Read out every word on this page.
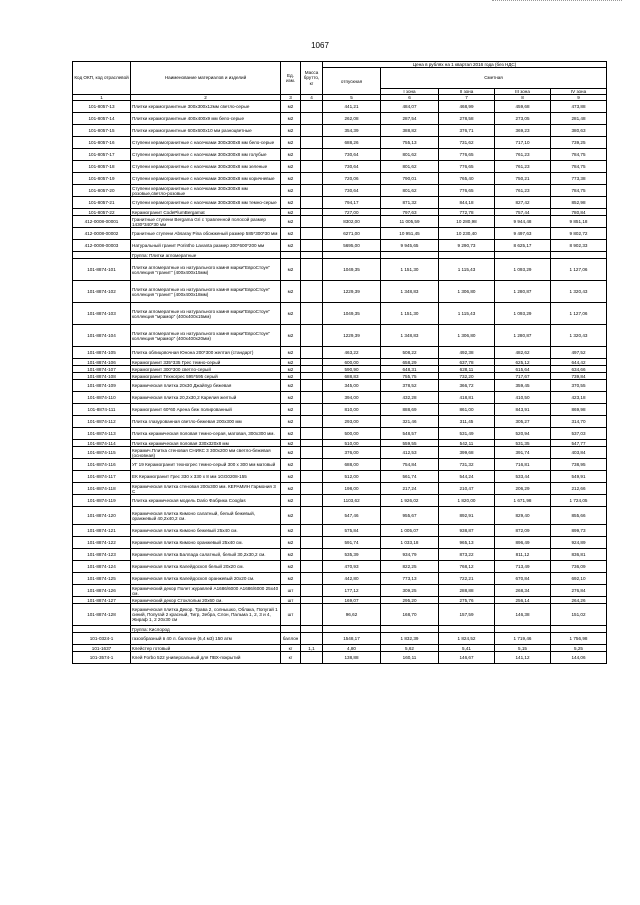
1067
Код ОКП, код отраслевой	Наименование материалов и изделий	Ед. изм.	Масса брутто, кг	Цена в рублях на 1 квартал 2016 года (без НДС)				
				отпускная	Сметная			
					I зона	II зона	III зона	IV зона
1	2	3	4	5	6	7	8	9
101-8057-13	Плитки керамогранитные 300х300х12мм светло-серые	м2		441,21	484,07	468,99	459,68	473,88
101-8057-14	Плитки керамогранитные 400х400х9 мм бело-серые	м2		262,08	287,54	278,58	273,05	281,48
101-8057-15	Плитки керамогранитные 600х600х10 мм разноцветные	м2		354,39	388,82	376,71	369,23	380,63
101-8057-16	Ступени керамогранитные с насечками 300х300х8 мм бело-серые	м2		688,26	755,13	731,62	717,10	739,25
101-8057-17	Ступени керамогранитные с насечками 300х300х8 мм голубые	м2		730,64	801,62	776,65	761,23	784,75
101-8057-18	Ступени керамогранитные с насечками 300х300х8 мм зеленые	м2		730,64	801,62	776,65	761,23	784,75
101-8057-19	Ступени керамогранитные с насечками 300х300х8 мм коричневые	м2		720,06	790,01	765,40	750,21	773,38
101-8057-20	Ступени керамогранитные с насечками 300х300х8 мм розовые,светло-розовые	м2		730,64	801,62	776,65	761,23	784,75
101-8057-21	Ступени керамогранитные с насечками 300х300х8 мм темно-серые	м2		794,17	871,32	844,18	827,42	852,98
101-8057-22	Керамогранит CodePlumBergamat	м2		727,00	797,63	772,78	757,44	780,84
412-0008-00001	Гранитные ступени Bergama Gri с травленной полосой размер 1430*340*30 мм	м2		8302,00	11 005,59	10 280,98	9 944,48	9 851,18
412-0008-00002	Гранитные ступени Absaray Pina обожженый размер 585*300*30 мм	м2		6271,00	10 951,45	10 230,40	9 497,63	9 802,72
412-0008-00003	Натуральный гранит Porintho Lavanta размер 300*600*200 мм	м2		5695,00	9 945,65	9 290,73	8 625,17	8 902,33
	Группа: Плитки агломератные							
101-8874-101	Плитки агломератные из натурального камня марки"ЕвроСтоун" коллекция "гранит" (400х400х15мм)	м2		1049,35	1 151,30	1 115,43	1 093,29	1 127,06
101-8874-102	Плитки агломератные из натурального камня марки"ЕвроСтоун" коллекция "гранит" (400х400х18мм)	м2		1229,39	1 348,83	1 306,80	1 280,87	1 320,43
101-8874-103	Плитки агломератные из натурального камня марки"ЕвроСтоун" коллекция "мрамор" (400х400х15мм)	м2		1049,35	1 151,30	1 115,43	1 093,29	1 127,06
101-8874-104	Плитки агломератные из натурального камня марки"ЕвроСтоун" коллекция "мрамор" (400х400х20мм)	м2		1229,39	1 348,83	1 306,80	1 280,87	1 320,43
101-8874-105	Плитка облицовочная Юнона 200*300 желтая (стандарт)	м2		463,22	508,22	492,38	482,62	497,52
101-8874-106	Керамогранит 335*335 Грес темно-серый	м2		600,00	658,29	637,78	625,12	644,42
101-8874-107	Керамогранит 300*300 светло-серый	м2		590,90	648,31	628,11	615,64	634,66
101-8874-108	Керамогранит Техногрес 595*595 серый	м2		688,83	755,75	732,20	717,67	739,84
101-8874-109	Керамическая плитка 20х30 Джайпур бежевая	м2		345,00	378,52	366,72	359,45	370,55
101-8874-110	Керамическая плитка 20,2х30,2 Карелия желтый	м2		394,00	432,28	418,81	410,50	423,18
101-8874-111	Керамогранит 60*60 Арена беж полированный	м2		810,00	888,69	861,00	843,91	869,98
101-8874-112	Плитка глазурованная светло-бежевая 200х300 мм	м2		293,00	321,46	311,45	305,27	314,70
101-8874-113	Плитка керамическая половая темно-серая, матовая, 300х300 мм.	м2		500,00	548,57	531,49	520,94	537,03
101-8874-114	Плитка керамическая половая 330х320х8 мм	м2		510,00	559,55	542,11	531,35	547,77
101-8874-115	Керамич.Плитка стеновая СНИКС 3 300х200 мм светло-бежевая (основная)	м2		376,00	412,53	399,68	391,74	403,84
101-8874-116	УГ 19 Керамогранит техногрес темно-серый 300 х 300 мм матовый	м2		688,00	754,84	731,32	716,81	738,95
101-8874-117	ЕК Керамогранит Грес 330 х 330 х 8 мм 1GG0208-155	м2		512,00	561,74	544,24	533,44	549,91
101-8874-118	Керамическая плитка стеновая 200х300 мм. КЕРАМИН Гармония 3 С	м2		198,00	217,24	210,47	206,29	212,66
101-8874-119	Плитка керамическая модель Dario Фабрика Cooglas	м2		1103,62	1 926,02	1 820,00	1 671,98	1 724,05
101-8874-120	Керамическая плитка Кимоно салатный, белый бежевый, оранжевый 40,2х40,2 см.	м2		547,46	955,67	892,91	829,40	855,66
101-8874-121	Керамическая плитка Кимоно бежевый 25х40 см.	м2		575,84	1 005,07	938,87	872,09	899,73
101-8874-122	Керамическая плитка Кимоно оранжевый 25х40 см.	м2		591,74	1 033,18	965,13	896,49	924,89
101-8874-123	Керамическая плитка Баллада салатный, белый 30,2х30,2 см.	м2		535,39	934,79	873,22	811,12	836,81
101-8874-124	Керамическая плитка Калейдоскоп белый 20х20 см.	м2		470,93	822,25	768,12	713,49	736,09
101-8874-125	Керамическая плитка Калейдоскоп оранжевый 20х20 см.	м2		442,80	773,13	722,21	670,84	692,10
101-8874-126	Керамический декор Полет журавлей А1686/6000 А1686/6000 25х40 см.	шт		177,12	309,25	288,88	268,34	276,84
101-8874-127	Керамический декор Стоклольм 20х60 см.	шт		169,07	295,20	275,76	256,14	264,26
101-8874-128	Керамическая плитка Декор. Трава 2, солнышко, Облака, Попугай 1 синий, Попугай 2 красный, Тигр, Зебра, Слон, Пальма 1, 2, 3 и 4, Жираф 1, 2 20х30 см	шт		96,62	168,70	157,59	146,38	151,02
	Группа: Кислород							
101-0324-1	газообразный в 40 л. баллоне (6,4 м3) 150 атм	баллон		1548,17	1 832,39	1 824,52	1 719,46	1 756,98
101-1637	Клейстер готовый	кг	1,1	4,80	5,62	5,41	5,15	5,25
101-3574-1	Клей Forbo 522 универсальный для ПВХ-покрытий	кг		138,88	160,11	146,67	141,12	144,06
